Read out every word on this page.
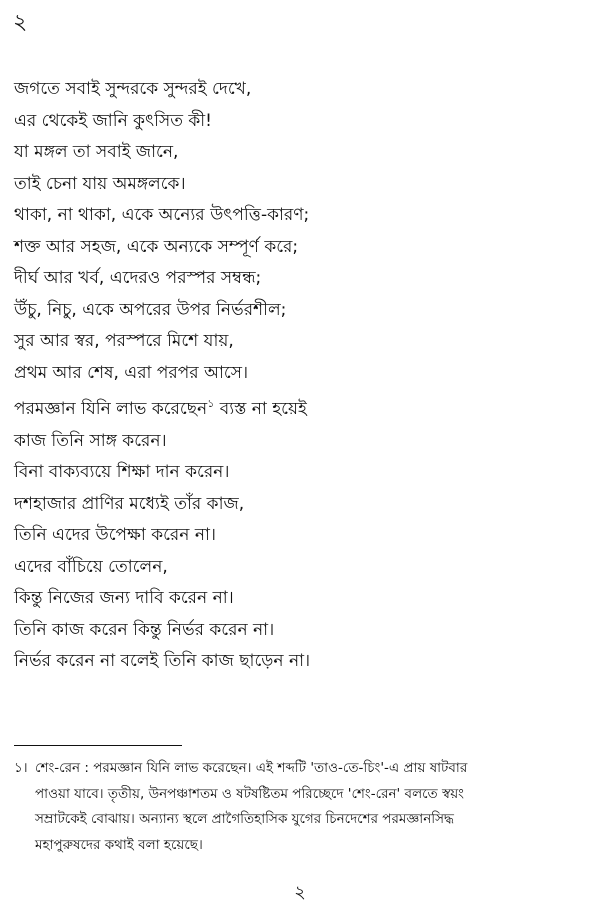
২
জগতে সবাই সুন্দরকে সুন্দরই দেখে,
এর থেকেই জানি কুৎসিত কী!
যা মঙ্গল তা সবাই জানে,
তাই চেনা যায় অমঙ্গলকে।
থাকা, না থাকা, একে অন্যের উৎপত্তি-কারণ;
শক্ত আর সহজ, একে অন্যকে সম্পূর্ণ করে;
দীর্ঘ আর খর্ব, এদেরও পরস্পর সম্বন্ধ;
উঁচু, নিচু, একে অপরের উপর নির্ভরশীল;
সুর আর স্বর, পরস্পরে মিশে যায়,
প্রথম আর শেষ, এরা পরপর আসে।
পরমজ্ঞান যিনি লাভ করেছেন$^১$ ব্যস্ত না হয়েই
কাজ তিনি সাঙ্গ করেন।
বিনা বাক্যব্যয়ে শিক্ষা দান করেন।
দশহাজার প্রাণির মধ্যেই তাঁর কাজ,
তিনি এদের উপেক্ষা করেন না।
এদের বাঁচিয়ে তোলেন,
কিন্তু নিজের জন্য দাবি করেন না।
তিনি কাজ করেন কিন্তু নির্ভর করেন না।
নির্ভর করেন না বলেই তিনি কাজ ছাড়েন না।
১। শেং-রেন : পরমজ্ঞান যিনি লাভ করেছেন। এই শব্দটি 'তাও-তে-চিং'-এ প্রায় ষাটবার
পাওয়া যাবে। তৃতীয়, উনপঞ্চাশতম ও ষটষষ্টিতম পরিচ্ছেদে 'শেং-রেন' বলতে স্বয়ং
সম্রাটকেই বোঝায়। অন্যান্য স্থলে প্রাগৈতিহাসিক যুগের চিনদেশের পরমজ্ঞানসিদ্ধ
মহাপুরুষদের কথাই বলা হয়েছে।
২
